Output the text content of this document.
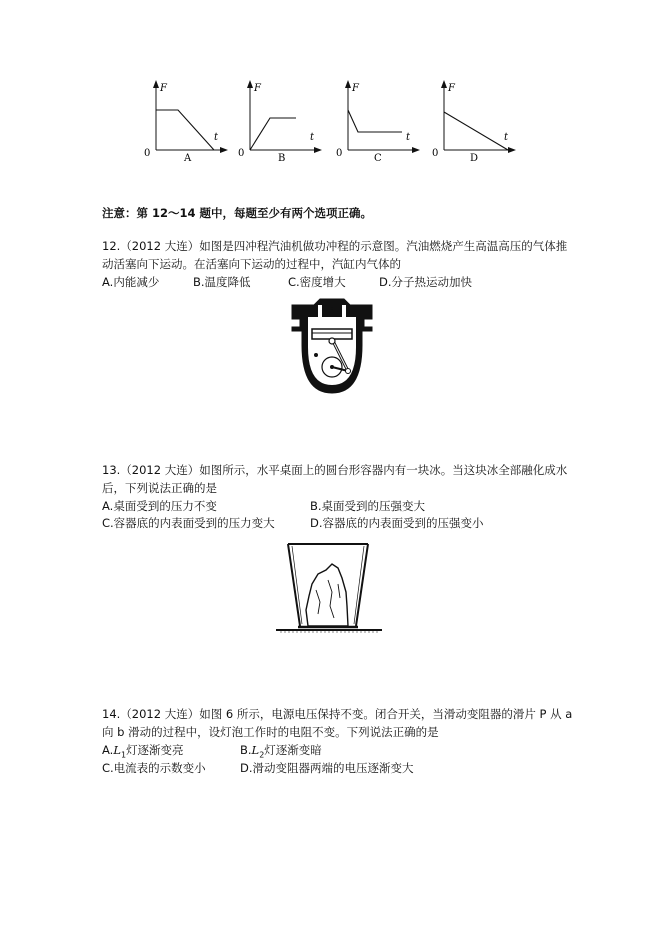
F
t
0	A
F
t
0	B
F
t
0	C
F
t
0	D
注意：第 12～14 题中，每题至少有两个选项正确。
12.（2012 大连）如图是四冲程汽油机做功冲程的示意图。汽油燃烧产生高温高压的气体推
动活塞向下运动。在活塞向下运动的过程中，汽缸内气体的
A.内能减少	B.温度降低	C.密度增大	D.分子热运动加快
13.（2012 大连）如图所示，水平桌面上的圆台形容器内有一块冰。当这块冰全部融化成水
后，下列说法正确的是
A.桌面受到的压力不变	B.桌面受到的压强变大
C.容器底的内表面受到的压力变大	D.容器底的内表面受到的压强变小
14.（2012 大连）如图 6 所示，电源电压保持不变。闭合开关，当滑动变阻器的滑片 P 从 a
向 b 滑动的过程中，设灯泡工作时的电阻不变。下列说法正确的是
$A.L_1$灯逐渐变亮	$B.L_2$灯逐渐变暗
C.电流表的示数变小	D.滑动变阻器两端的电压逐渐变大
